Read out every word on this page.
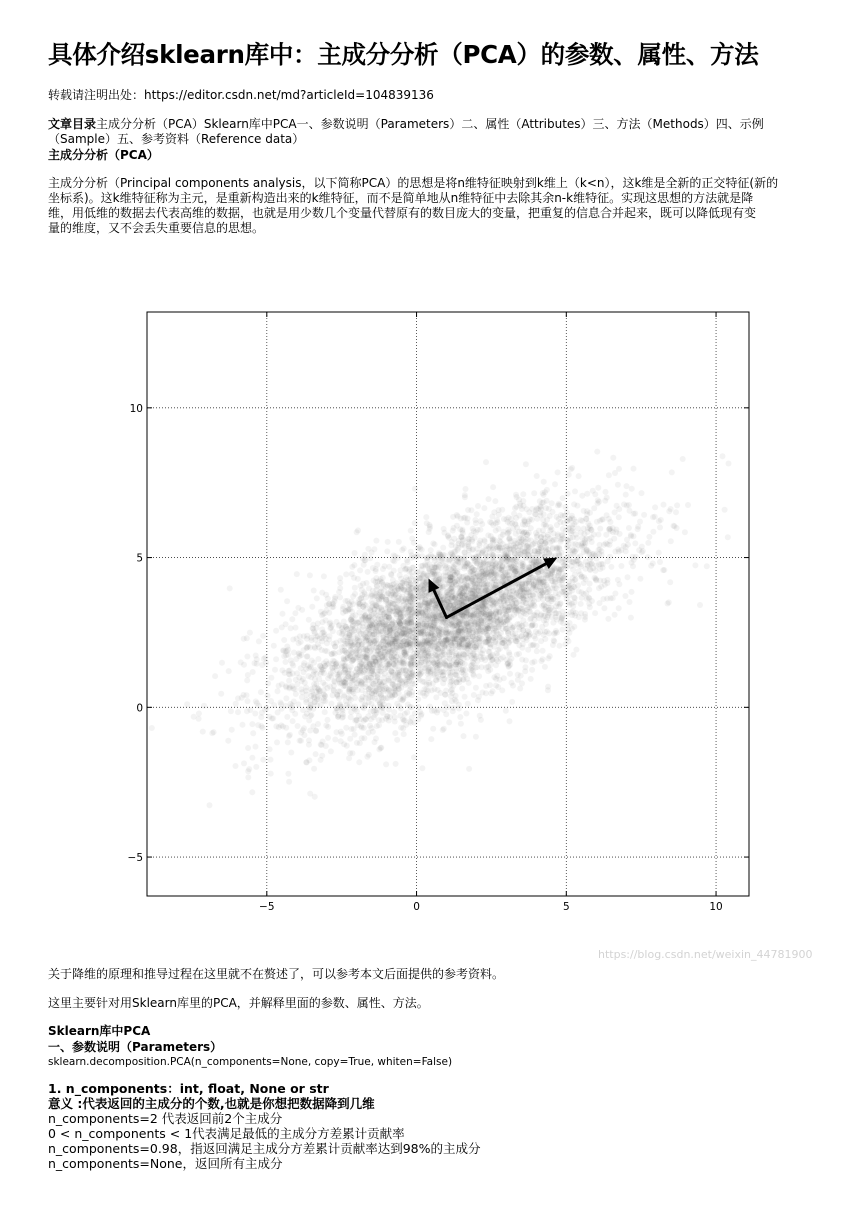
具体介绍sklearn库中：主成分分析（PCA）的参数、属性、方法
转载请注明出处：https://editor.csdn.net/md?articleId=104839136
文章目录主成分分析（PCA）Sklearn库中PCA一、参数说明（Parameters）二、属性（Attributes）三、方法（Methods）四、示例
（Sample）五、参考资料（Reference data）
主成分分析（PCA）
主成分分析（Principal components analysis，以下简称PCA）的思想是将n维特征映射到k维上（k<n），这k维是全新的正交特征(新的
坐标系)。这k维特征称为主元，是重新构造出来的k维特征，而不是简单地从n维特征中去除其余n-k维特征。实现这思想的方法就是降
维，用低维的数据去代表高维的数据，也就是用少数几个变量代替原有的数目庞大的变量，把重复的信息合并起来，既可以降低现有变
量的维度，又不会丢失重要信息的思想。
−5	0	5	10
−5
0
5
10
https://blog.csdn.net/weixin_44781900
关于降维的原理和推导过程在这里就不在赘述了，可以参考本文后面提供的参考资料。
这里主要针对用Sklearn库里的PCA，并解释里面的参数、属性、方法。
Sklearn库中PCA
一、参数说明（Parameters）
sklearn.decomposition.PCA(n_components=None, copy=True, whiten=False)
1. n_components：int, float, None or str
意义 :代表返回的主成分的个数,也就是你想把数据降到几维
n_components=2 代表返回前2个主成分
0 < n_components < 1代表满足最低的主成分方差累计贡献率
n_components=0.98，指返回满足主成分方差累计贡献率达到98%的主成分
n_components=None，返回所有主成分
